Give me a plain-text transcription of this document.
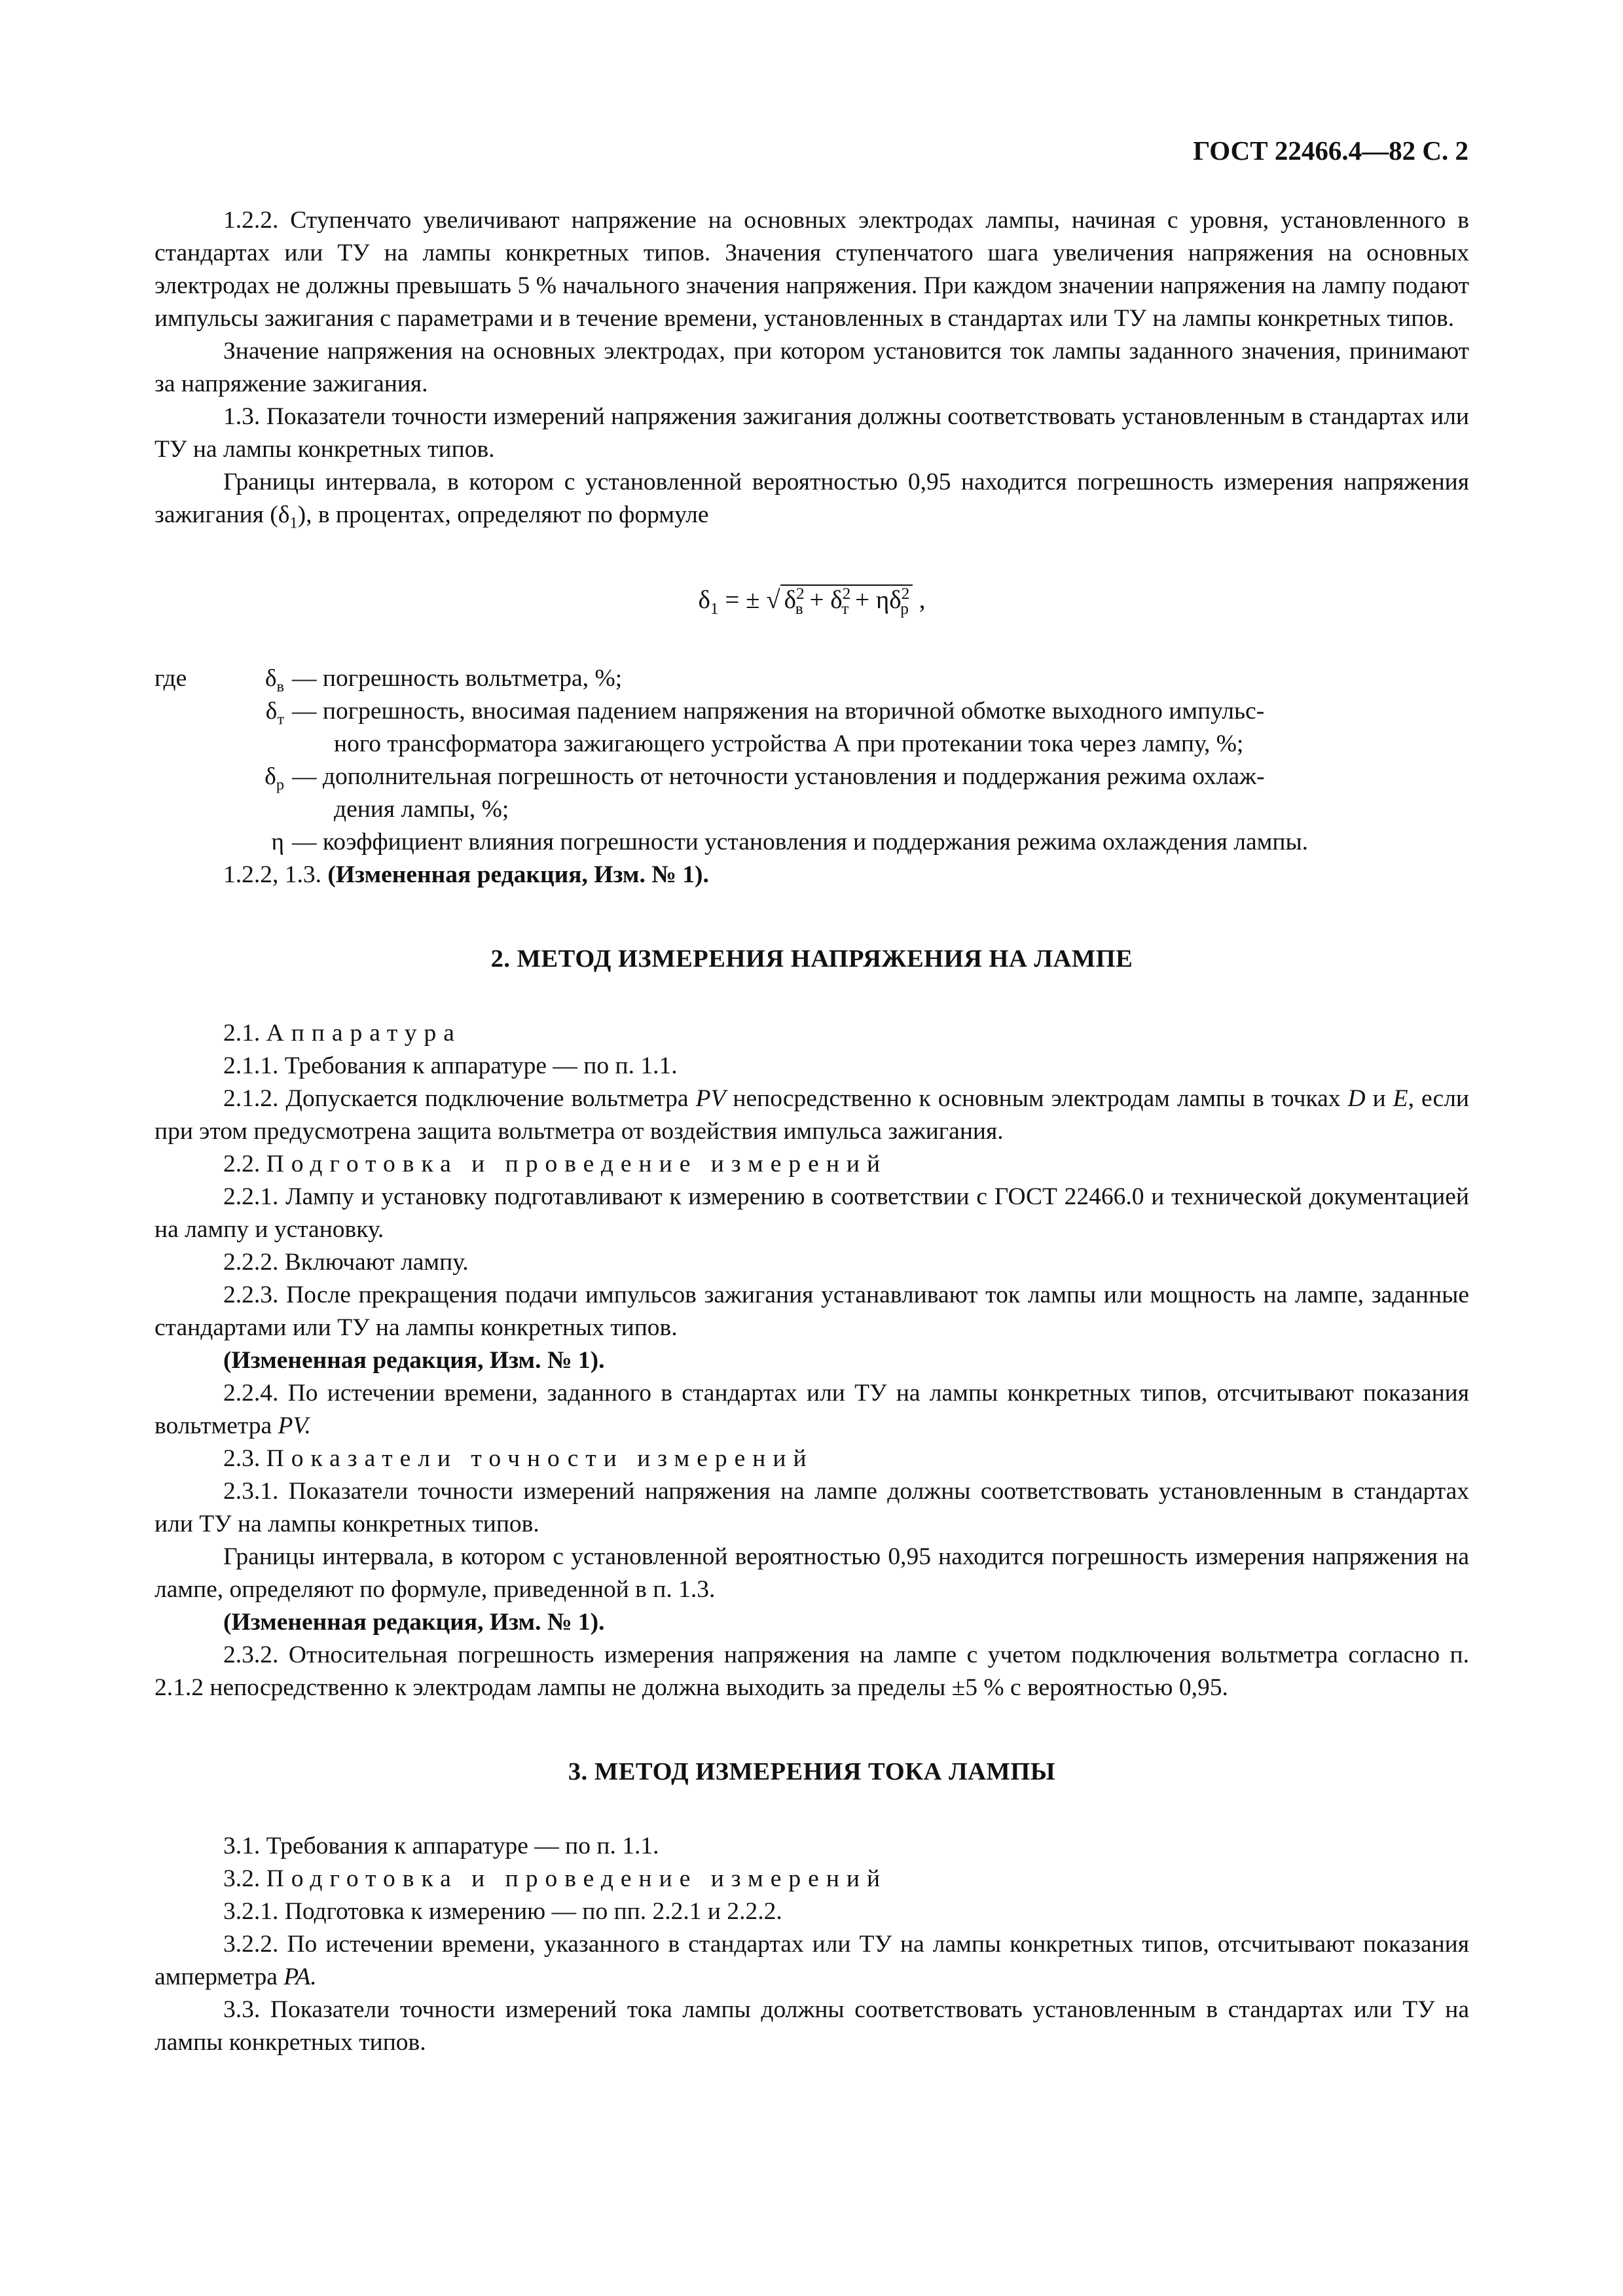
ГОСТ 22466.4—82 С. 2

1.2.2. Ступенчато увеличивают напряжение на основных электродах лампы, начиная с уровня, установленного в стандартах или ТУ на лампы конкретных типов. Значения ступенчатого шага увеличения напряжения на основных электродах не должны превышать 5 % начального значения напряжения. При каждом значении напряжения на лампу подают импульсы зажигания с параметрами и в течение времени, установленных в стандартах или ТУ на лампы конкретных типов.

Значение напряжения на основных электродах, при котором установится ток лампы заданного значения, принимают за напряжение зажигания.

1.3. Показатели точности измерений напряжения зажигания должны соответствовать установленным в стандартах или ТУ на лампы конкретных типов.

Границы интервала, в котором с установленной вероятностью 0,95 находится погрешность измерения напряжения зажигания $(\delta_1)$, в процентах, определяют по формуле

$\delta_1$ = ± √ $\delta^2_в + \delta^2_т + \eta\delta^2_р$ ,
где	$\delta_в$ — погрешность вольтметра, %;
$\delta_т$ — погрешность, вносимая падением напряжения на вторичной обмотке выходного импульс-
ного трансформатора зажигающего устройства А при протекании тока через лампу, %;
$\delta_р$ — дополнительная погрешность от неточности установления и поддержания режима охлаж-
дения лампы, %;
η — коэффициент влияния погрешности установления и поддержания режима охлаждения лампы.

1.2.2, 1.3. (Измененная редакция, Изм. № 1).

2. МЕТОД ИЗМЕРЕНИЯ НАПРЯЖЕНИЯ НА ЛАМПЕ

2.1. Аппаратура

2.1.1. Требования к аппаратуре — по п. 1.1.

2.1.2. Допускается подключение вольтметра PV непосредственно к основным электродам лампы в точках D и E, если при этом предусмотрена защита вольтметра от воздействия импульса зажигания.

2.2. Подготовка и проведение измерений

2.2.1. Лампу и установку подготавливают к измерению в соответствии с ГОСТ 22466.0 и технической документацией на лампу и установку.

2.2.2. Включают лампу.

2.2.3. После прекращения подачи импульсов зажигания устанавливают ток лампы или мощность на лампе, заданные стандартами или ТУ на лампы конкретных типов.

(Измененная редакция, Изм. № 1).

2.2.4. По истечении времени, заданного в стандартах или ТУ на лампы конкретных типов, отсчитывают показания вольтметра PV.

2.3. Показатели точности измерений

2.3.1. Показатели точности измерений напряжения на лампе должны соответствовать установленным в стандартах или ТУ на лампы конкретных типов.

Границы интервала, в котором с установленной вероятностью 0,95 находится погрешность измерения напряжения на лампе, определяют по формуле, приведенной в п. 1.3.

(Измененная редакция, Изм. № 1).

2.3.2. Относительная погрешность измерения напряжения на лампе с учетом подключения вольтметра согласно п. 2.1.2 непосредственно к электродам лампы не должна выходить за пределы ±5 % с вероятностью 0,95.

3. МЕТОД ИЗМЕРЕНИЯ ТОКА ЛАМПЫ

3.1. Требования к аппаратуре — по п. 1.1.

3.2. Подготовка и проведение измерений

3.2.1. Подготовка к измерению — по пп. 2.2.1 и 2.2.2.

3.2.2. По истечении времени, указанного в стандартах или ТУ на лампы конкретных типов, отсчитывают показания амперметра PA.

3.3. Показатели точности измерений тока лампы должны соответствовать установленным в стандартах или ТУ на лампы конкретных типов.
